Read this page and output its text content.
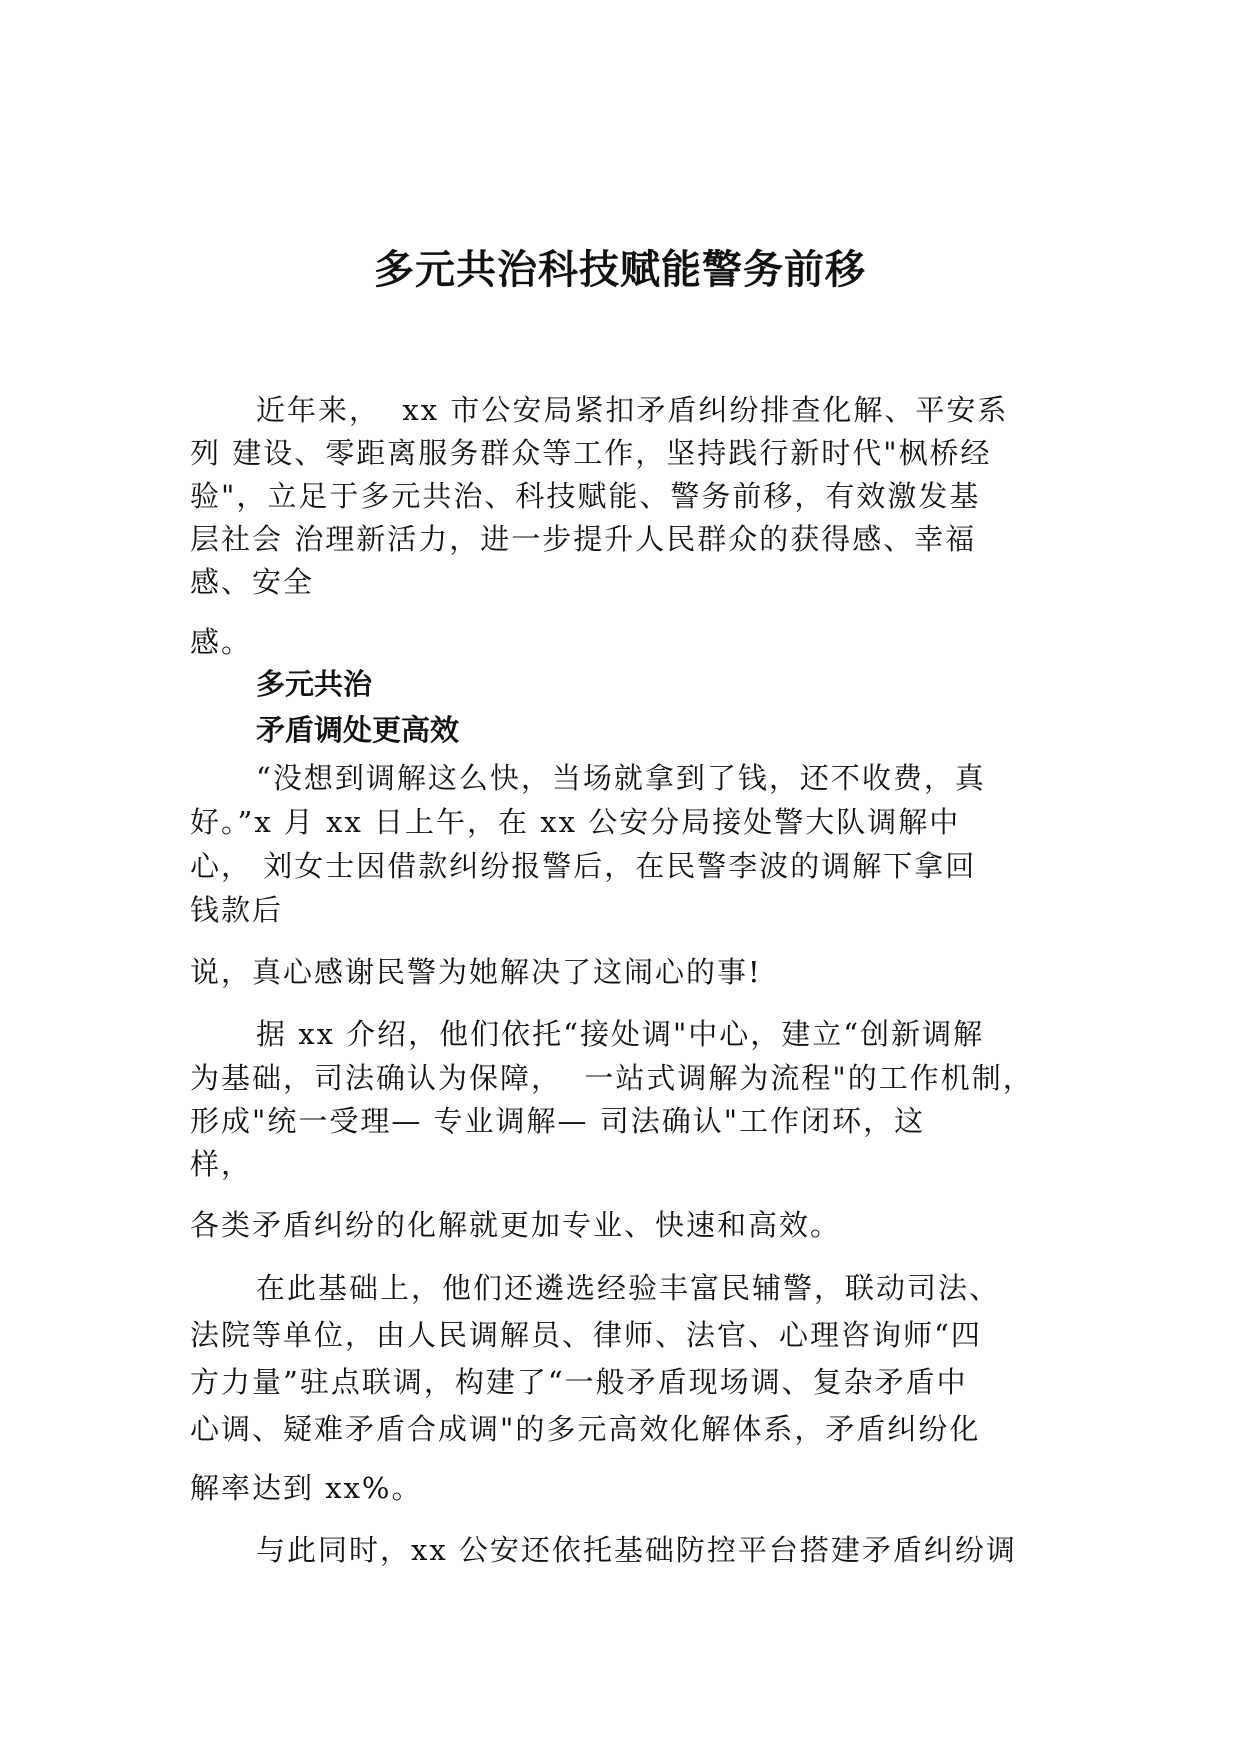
多元共治科技赋能警务前移
近年来，  xx 市公安局紧扣矛盾纠纷排查化解、平安系
列 建设、零距离服务群众等工作，坚持践行新时代"枫桥经
验"，立足于多元共治、科技赋能、警务前移，有效激发基
层社会 治理新活力，进一步提升人民群众的获得感、幸福
感、安全
感。
多元共治
矛盾调处更高效
“没想到调解这么快，当场就拿到了钱，还不收费，真
好。”x 月 xx 日上午，在 xx 公安分局接处警大队调解中
心， 刘女士因借款纠纷报警后，在民警李波的调解下拿回
钱款后
说，真心感谢民警为她解决了这闹心的事!
据 xx 介绍，他们依托“接处调"中心，建立“创新调解
为基础，司法确认为保障，  一站式调解为流程"的工作机制，
形成"统一受理— 专业调解— 司法确认"工作闭环，这
样，
各类矛盾纠纷的化解就更加专业、快速和高效。
在此基础上，他们还遴选经验丰富民辅警，联动司法、
法院等单位，由人民调解员、律师、法官、心理咨询师“四
方力量”驻点联调，构建了“一般矛盾现场调、复杂矛盾中
心调、疑难矛盾合成调"的多元高效化解体系，矛盾纠纷化
解率达到 xx%。
与此同时，xx 公安还依托基础防控平台搭建矛盾纠纷调
